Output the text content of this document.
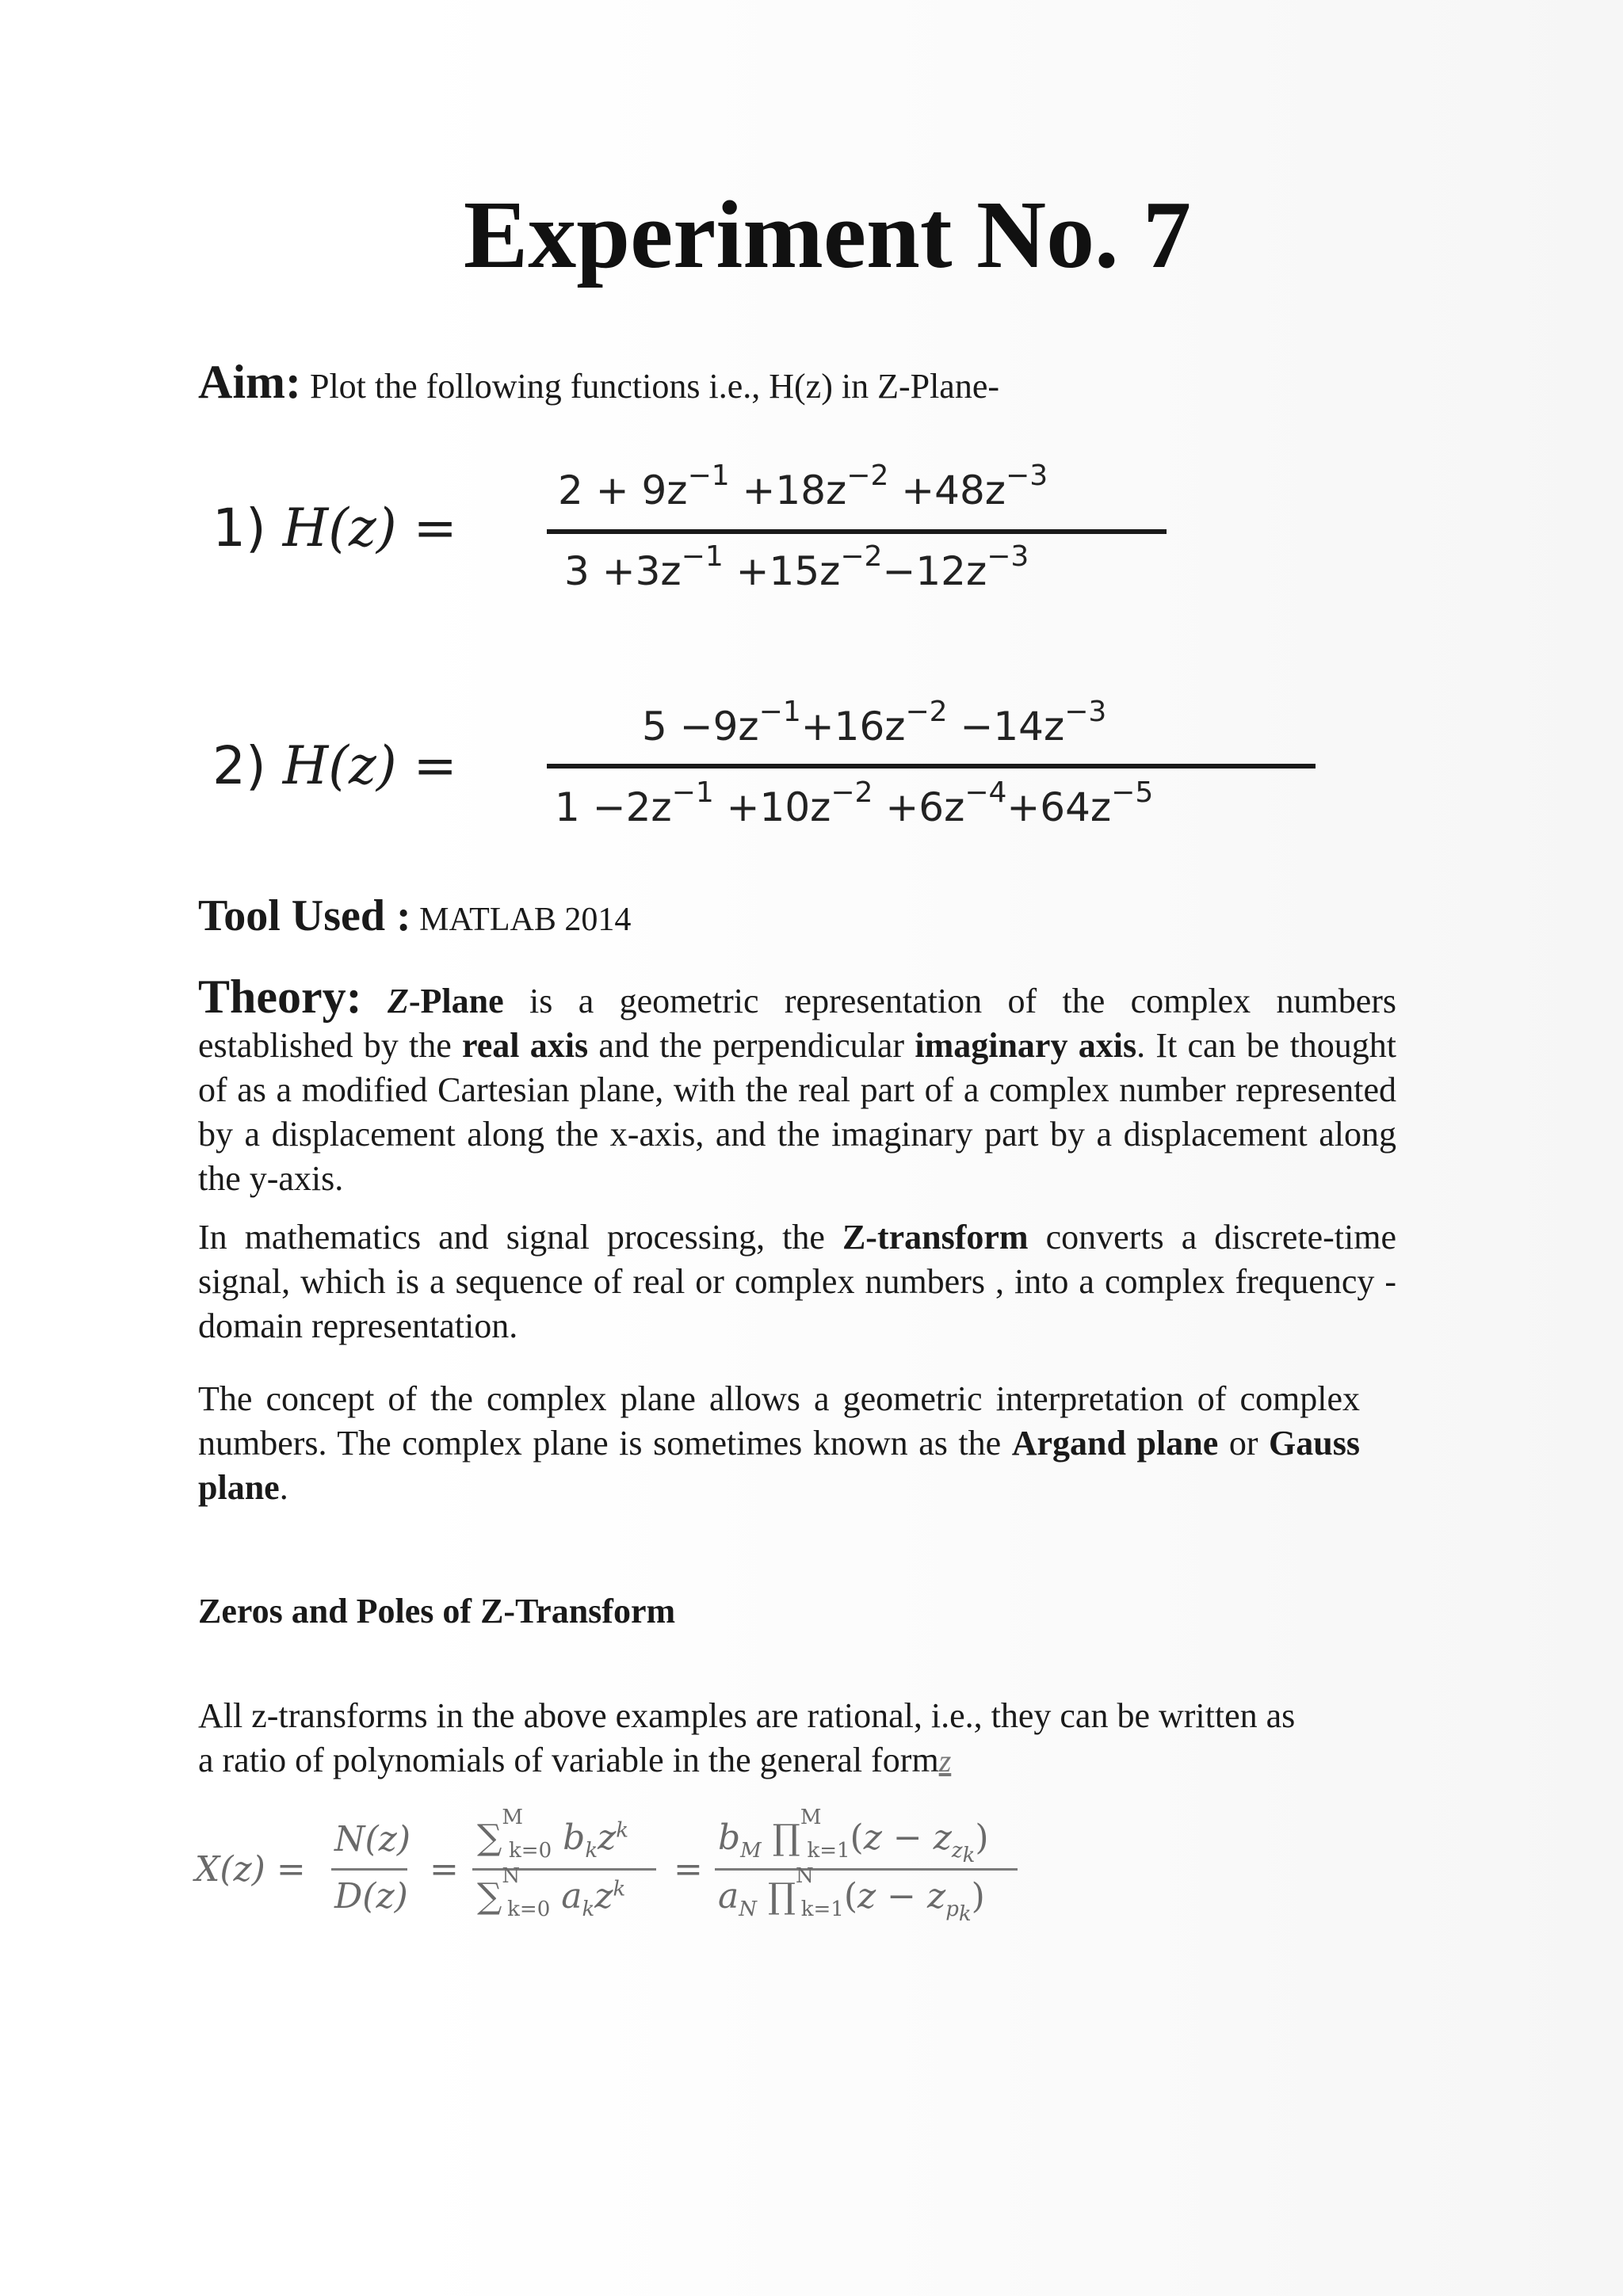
Experiment No. 7
Aim: Plot the following functions i.e., H(z) in Z-Plane-
1) H(z) =
$2 + 9z^{-1} +18z^{-2} +48z^{-3}$
$3 +3z^{-1} +15z^{-2}-12z^{-3}$
2) H(z) =
$5 -9z^{-1}+16z^{-2} -14z^{-3}$
$1 -2z^{-1} +10z^{-2} +6z^{-4}+64z^{-5}$
Tool Used : MATLAB 2014
Theory: Z-Plane is a geometric representation of the complex numbers established by the real axis and the perpendicular imaginary axis. It can be thought of as a modified Cartesian plane, with the real part of a complex number represented by a displacement along the x-axis, and the imaginary part by a displacement along the y-axis.
In mathematics and signal processing, the Z-transform converts a discrete-time signal, which is a sequence of real or complex numbers , into a complex frequency - domain representation.
The concept of the complex plane allows a geometric interpretation of complex numbers. The complex plane is sometimes known as the Argand plane or Gauss plane.
Zeros and Poles of Z-Transform
All z-transforms in the above examples are rational, i.e., they can be written as a ratio of polynomials of variable in the general formz
X(z) =
N(z)
D(z)
=
∑$^M_{k=0}$ $b_kz^k$
∑$^N_{k=0}$ $a_kz^k$ =
$b_M$ ∏$^M_{k=1}$(z − $z_{z_k}$)
$a_N$ ∏$^N_{k=1}$(z − $z_{p_k}$)
